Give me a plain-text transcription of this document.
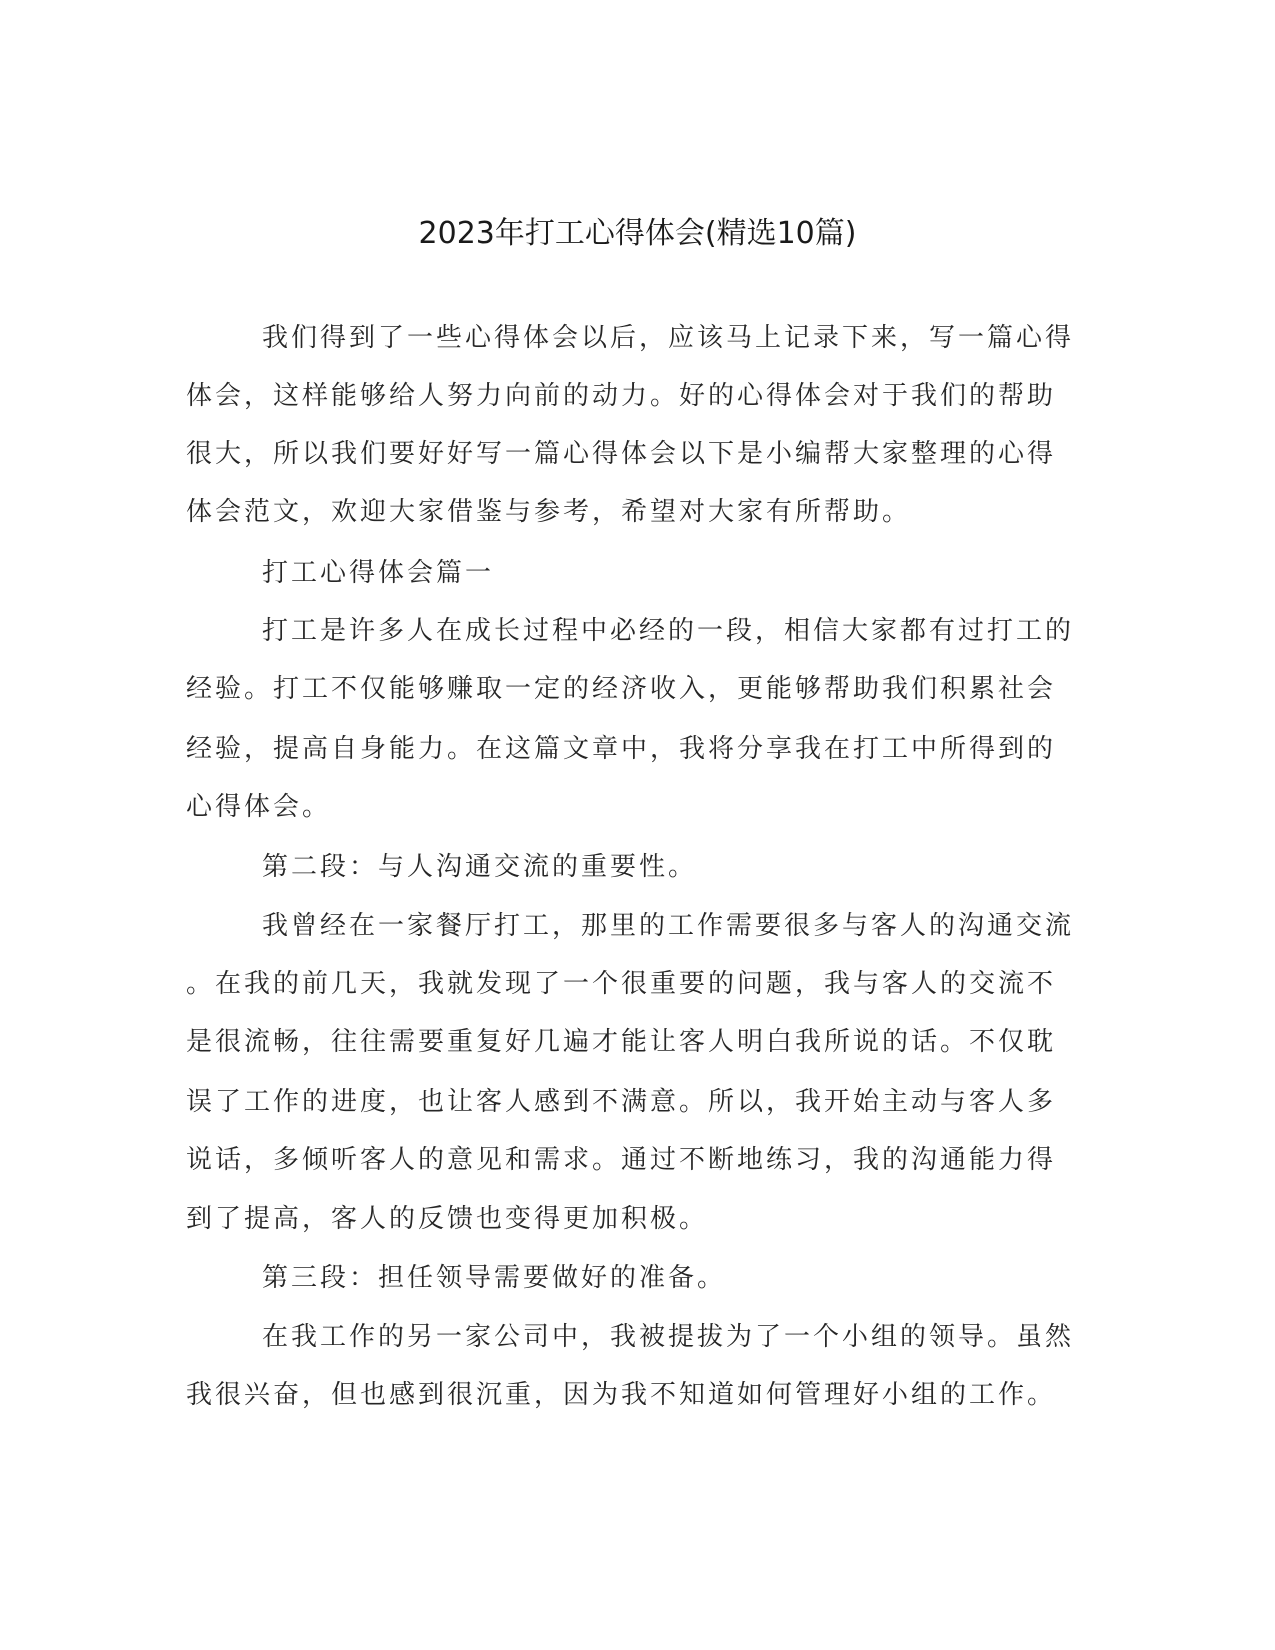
2023年打工心得体会(精选10篇)
我们得到了一些心得体会以后，应该马上记录下来，写一篇心得
体会，这样能够给人努力向前的动力。好的心得体会对于我们的帮助
很大，所以我们要好好写一篇心得体会以下是小编帮大家整理的心得
体会范文，欢迎大家借鉴与参考，希望对大家有所帮助。
打工心得体会篇一
打工是许多人在成长过程中必经的一段，相信大家都有过打工的
经验。打工不仅能够赚取一定的经济收入，更能够帮助我们积累社会
经验，提高自身能力。在这篇文章中，我将分享我在打工中所得到的
心得体会。
第二段：与人沟通交流的重要性。
我曾经在一家餐厅打工，那里的工作需要很多与客人的沟通交流
。在我的前几天，我就发现了一个很重要的问题，我与客人的交流不
是很流畅，往往需要重复好几遍才能让客人明白我所说的话。不仅耽
误了工作的进度，也让客人感到不满意。所以，我开始主动与客人多
说话，多倾听客人的意见和需求。通过不断地练习，我的沟通能力得
到了提高，客人的反馈也变得更加积极。
第三段：担任领导需要做好的准备。
在我工作的另一家公司中，我被提拔为了一个小组的领导。虽然
我很兴奋，但也感到很沉重，因为我不知道如何管理好小组的工作。
